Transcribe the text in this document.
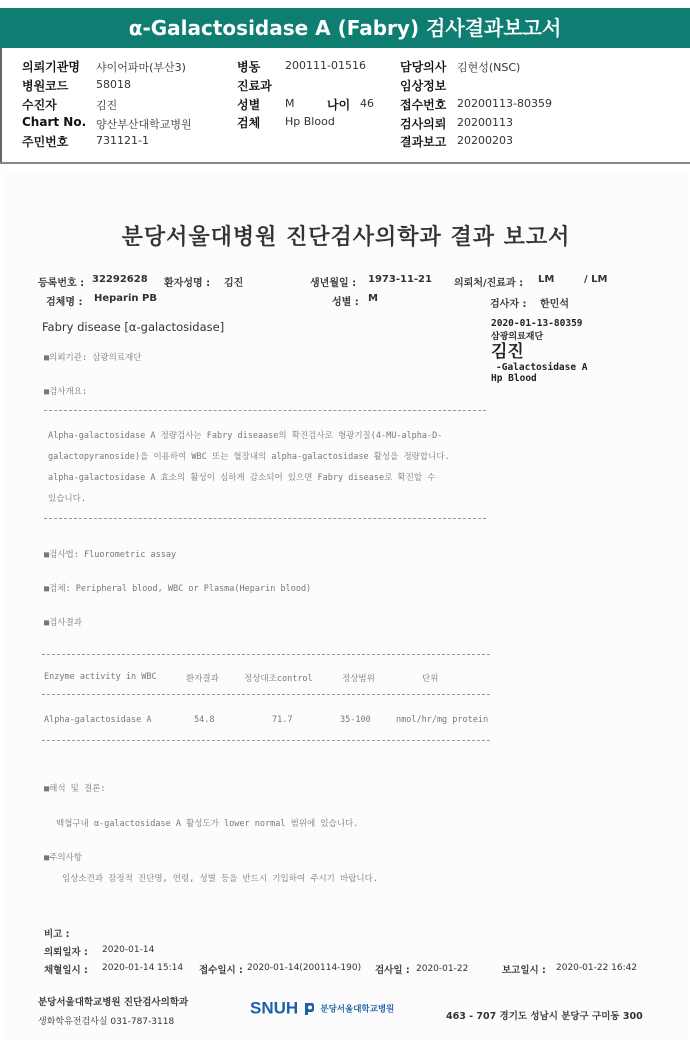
α-Galactosidase A (Fabry) 검사결과보고서
의뢰기관명 샤이어파마(부산3)
병원코드	58018
수진자	김진
Chart No. 양산부산대학교병원
주민번호	731121-1
병동 200111-01516
진료과
성별 M	나이 46
검체 Hp Blood
담당의사 김현성(NSC)
임상정보
접수번호 20200113-80359
검사의뢰 20200113
결과보고 20200203
분당서울대병원 진단검사의학과 결과 보고서
등록번호 : 32292628 환자성명 : 김진	생년월일 : 1973-11-21 의뢰처/진료과 : LM	/ LM
검체명 : Heparin PB	성별 : M
검사자 : 한민석
Fabry disease [α-galactosidase]	2020-01-13-80359
삼광의료재단
김진
-Galactosidase A
Hp Blood
■의뢰기관: 삼광의료재단
■검사개요:
Alpha-galactosidase A 정량검사는 Fabry diseaase의 확진검사로 형광기질(4-MU-alpha-D-
galactopyranoside)을 이용하여 WBC 또는 혈장내의 alpha-galactosidase 활성을 정량합니다.
alpha-galactosidase A 효소의 활성이 심하게 감소되어 있으면 Fabry disease로 확진할 수
있습니다.
■검사법: Fluorometric assay
■검체: Peripheral blood, WBC or Plasma(Heparin blood)
■검사결과
Enzyme activity in WBC	환자결과	정상대조control	정상범위	단위
Alpha-galactosidase A	54.8	71.7	35-100	nmol/hr/mg protein
■해석 및 결론:
백혈구내 α-galactosidase A 활성도가 lower normal 범위에 있습니다.
■주의사항
임상소견과 잠정적 진단명, 연령, 성별 등을 반드시 기입하여 주시기 바랍니다.
비고 :
의뢰일자 : 2020-01-14
채혈일시 : 2020-01-14 15:14 접수일시 : 2020-01-14(200114-190) 검사일 : 2020-01-22	보고일시 : 2020-01-22 16:42
분당서울대학교병원 진단검사의학과
생화학유전검사실 031-787-3118
SNUH	분당서울대학교병원
463 - 707 경기도 성남시 분당구 구미동 300
